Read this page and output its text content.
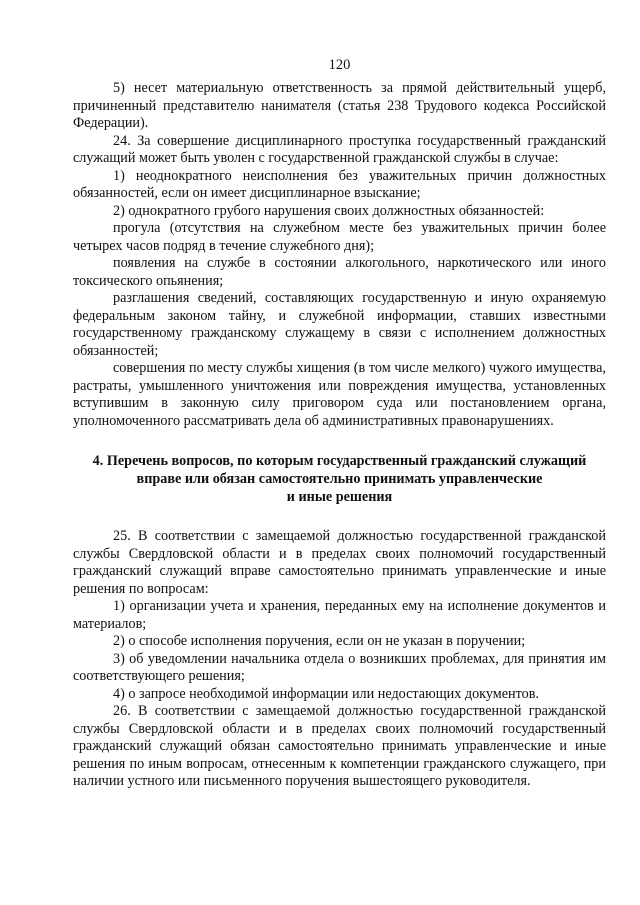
120

5) несет материальную ответственность за прямой действительный ущерб, причиненный представителю нанимателя (статья 238 Трудового кодекса Российской Федерации).

24. За совершение дисциплинарного проступка государственный гражданский служащий может быть уволен с государственной гражданской службы в случае:

1) неоднократного неисполнения без уважительных причин должностных обязанностей, если он имеет дисциплинарное взыскание;

2) однократного грубого нарушения своих должностных обязанностей:

прогула (отсутствия на служебном месте без уважительных причин более четырех часов подряд в течение служебного дня);

появления на службе в состоянии алкогольного, наркотического или иного токсического опьянения;

разглашения сведений, составляющих государственную и иную охраняемую федеральным законом тайну, и служебной информации, ставших известными государственному гражданскому служащему в связи с исполнением должностных обязанностей;

совершения по месту службы хищения (в том числе мелкого) чужого имущества, растраты, умышленного уничтожения или повреждения имущества, установленных вступившим в законную силу приговором суда или постановлением органа, уполномоченного рассматривать дела об административных правонарушениях.

4. Перечень вопросов, по которым государственный гражданский служащий
вправе или обязан самостоятельно принимать управленческие
и иные решения

25. В соответствии с замещаемой должностью государственной гражданской службы Свердловской области и в пределах своих полномочий государственный гражданский служащий вправе самостоятельно принимать управленческие и иные решения по вопросам:

1) организации учета и хранения, переданных ему на исполнение документов и материалов;

2) о способе исполнения поручения, если он не указан в поручении;

3) об уведомлении начальника отдела о возникших проблемах, для принятия им соответствующего решения;

4) о запросе необходимой информации или недостающих документов.

26. В соответствии с замещаемой должностью государственной гражданской службы Свердловской области и в пределах своих полномочий государственный гражданский служащий обязан самостоятельно принимать управленческие и иные решения по иным вопросам, отнесенным к компетенции гражданского служащего, при наличии устного или письменного поручения вышестоящего руководителя.
